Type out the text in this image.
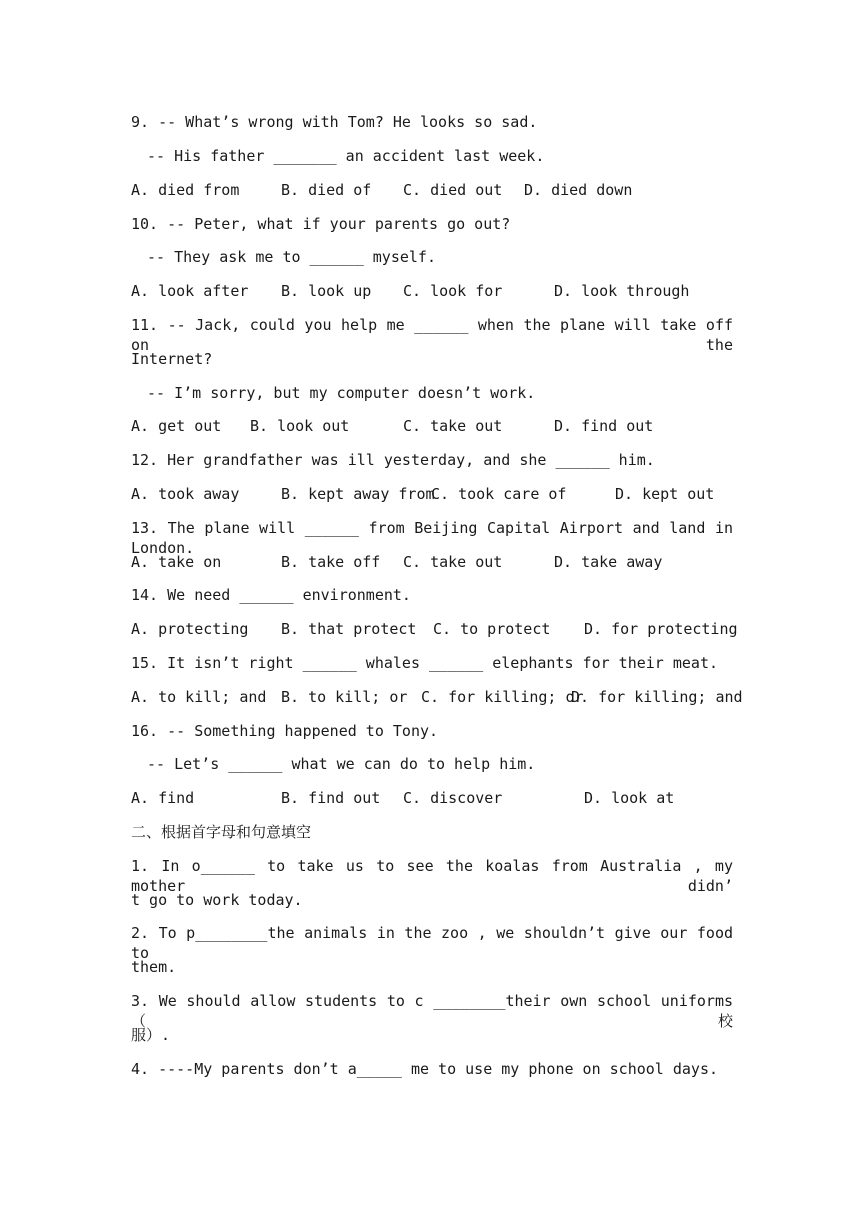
9. -- What’s wrong with Tom? He looks so sad.
-- His father _______ an accident last week.
A. died from	B. died of C. died out D. died down
10. -- Peter, what if your parents go out?
-- They ask me to ______ myself.
A. look after B. look up C. look for	D. look through
11. -- Jack, could you help me ______ when the plane will take off on the
Internet?
-- I’m sorry, but my computer doesn’t work.
A. get out B. look out	C. take out	D. find out
12. Her grandfather was ill yesterday, and she ______ him.
A. took away	B. kept away from
C. took care of	D. kept out
13. The plane will ______ from Beijing Capital Airport and land in London.
A. take on	B. take off C. take out	D. take away
14. We need ______ environment.
A. protecting B. that protect C. to protect D. for protecting
15. It isn’t right ______ whales ______ elephants for their meat.
A. to kill; and B. to kill; or C. for killing; or
D. for killing; and
16. -- Something happened to Tony.
-- Let’s ______ what we can do to help him.
A. find	B. find out C. discover	D. look at
二、根据首字母和句意填空
1. In o______ to take us to see the koalas from Australia , my mother didn’
t go to work today.
2. To p________the animals in the zoo , we shouldn’t give our food to
them.
3. We should allow students to c ________their own school uniforms（校
服）.
4. ----My parents don’t a_____ me to use my phone on school days.
